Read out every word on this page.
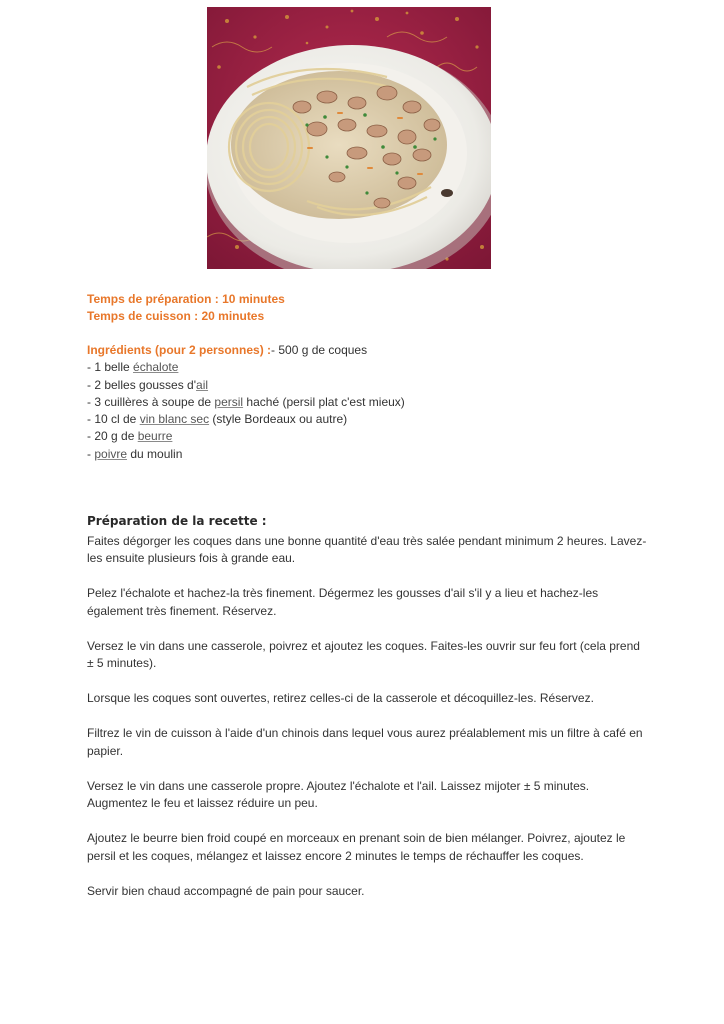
Temps de préparation : 10 minutes
Temps de cuisson : 20 minutes
Ingrédients (pour 2 personnes) :- 500 g de coques
- 1 belle échalote
- 2 belles gousses d'ail
- 3 cuillères à soupe de persil haché (persil plat c'est mieux)
- 10 cl de vin blanc sec (style Bordeaux ou autre)
- 20 g de beurre
- poivre du moulin
Préparation de la recette :

Faites dégorger les coques dans une bonne quantité d'eau très salée pendant minimum 2 heures. Lavez-les ensuite plusieurs fois à grande eau.

Pelez l'échalote et hachez-la très finement. Dégermez les gousses d'ail s'il y a lieu et hachez-les également très finement. Réservez.

Versez le vin dans une casserole, poivrez et ajoutez les coques. Faites-les ouvrir sur feu fort (cela prend ± 5 minutes).

Lorsque les coques sont ouvertes, retirez celles-ci de la casserole et décoquillez-les. Réservez.

Filtrez le vin de cuisson à l'aide d'un chinois dans lequel vous aurez préalablement mis un filtre à café en papier.

Versez le vin dans une casserole propre. Ajoutez l'échalote et l'ail. Laissez mijoter ± 5 minutes. Augmentez le feu et laissez réduire un peu.

Ajoutez le beurre bien froid coupé en morceaux en prenant soin de bien mélanger. Poivrez, ajoutez le persil et les coques, mélangez et laissez encore 2 minutes le temps de réchauffer les coques.

Servir bien chaud accompagné de pain pour saucer.
